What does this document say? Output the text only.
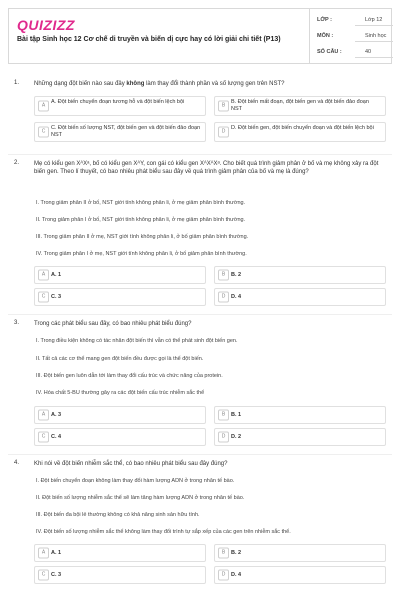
QUIZIZZ
Bài tập Sinh học 12 Cơ chế di truyền và biến dị cực hay có lời giải chi tiết (P13)
LỚP :	Lớp 12
MÔN :	Sinh học
SỐ CÂU :	40
1. Những dạng đột biến nào sau đây không làm thay đổi thành phần và số lượng gen trên NST?
A
A. Đột biến chuyển đoạn tương hỗ và đột biến lệch bội
B
B. Đột biến mất đoạn, đột biến gen và đột biến đảo đoạn NST
C
C. Đột biến số lượng NST, đột biến gen và đột biến đảo đoạn NST
D
D. Đột biến gen, đột biến chuyển đoạn và đột biến lệch bội
2. Mẹ có kiểu gen XᴬXᵃ, bố có kiểu gen XᴬY, con gái có kiểu gen XᴬXᴬXᵃ. Cho biết quá trình giảm phân ở bố và mẹ không xảy ra đột biến gen. Theo lí thuyết, có bao nhiêu phát biểu sau đây về quá trình giảm phân của bố và mẹ là đúng?
I. Trong giảm phân II ở bố, NST giới tính không phân li, ở mẹ giảm phân bình thường.
II. Trong giảm phân I ở bố, NST giới tính không phân li, ở mẹ giảm phân bình thường.
III. Trong giảm phân II ở mẹ, NST giới tính không phân li, ở bố giảm phân bình thường.
IV. Trong giảm phân I ở mẹ, NST giới tính không phân li, ở bố giảm phân bình thường.
A	A. 1	B	B. 2
C	C. 3	D	D. 4
3. Trong các phát biểu sau đây, có bao nhiêu phát biểu đúng?
I. Trong điều kiện không có tác nhân đột biến thì vẫn có thể phát sinh đột biến gen.
II. Tất cả các cơ thể mang gen đột biến đều được gọi là thể đột biến.
III. Đột biến gen luôn dẫn tới làm thay đổi cấu trúc và chức năng của protein.
IV. Hóa chất 5-BU thường gây ra các đột biến cấu trúc nhiễm sắc thể
A	A. 3	B	B. 1
C	C. 4	D	D. 2
4. Khi nói về đột biến nhiễm sắc thể, có bao nhiêu phát biểu sau đây đúng?
I. Đột biến chuyển đoạn không làm thay đổi hàm lượng ADN ở trong nhân tế bào.
II. Đột biến số lượng nhiễm sắc thể sẽ làm tăng hàm lượng ADN ở trong nhân tế bào.
III. Đột biến đa bội lẻ thường không có khả năng sinh sản hữu tính.
IV. Đột biến số lượng nhiễm sắc thể không làm thay đổi trình tự sắp xếp của các gen trên nhiễm sắc thể.
A	A. 1	B	B. 2
C	C. 3	D	D. 4
